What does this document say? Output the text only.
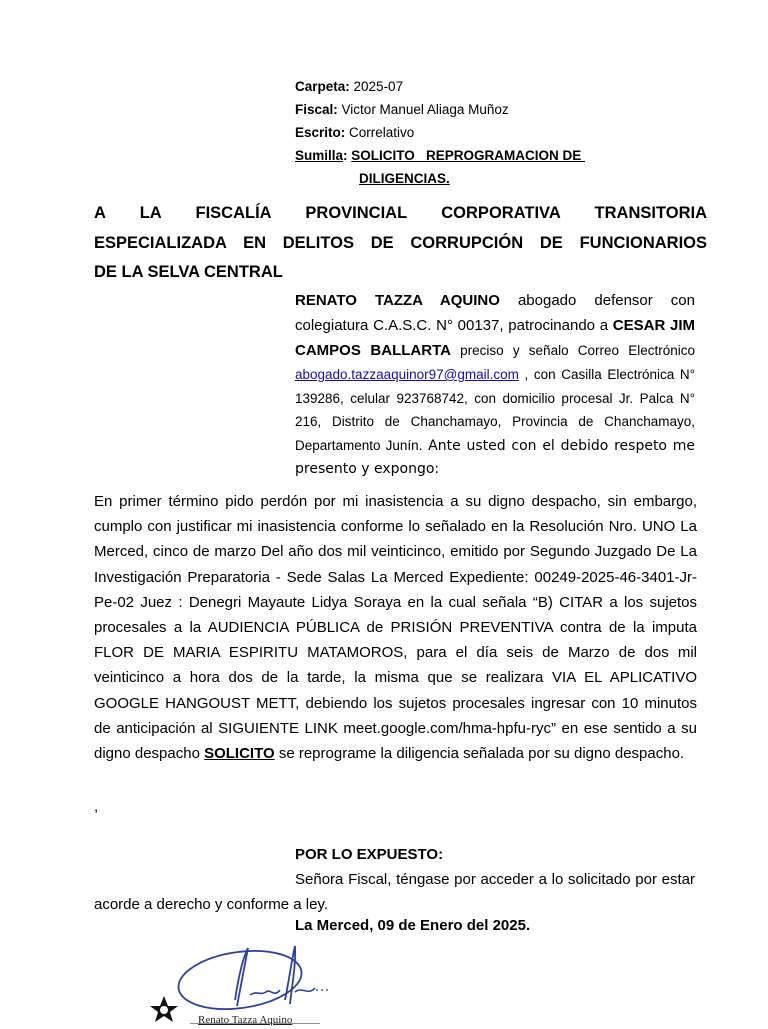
Carpeta: 2025-07
Fiscal: Victor Manuel Aliaga Muñoz
Escrito: Correlativo
Sumilla: SOLICITO   REPROGRAMACION DE
DILIGENCIAS.
A LA FISCALÍA PROVINCIAL CORPORATIVA TRANSITORIA
ESPECIALIZADA EN DELITOS DE CORRUPCIÓN DE FUNCIONARIOS
DE LA SELVA CENTRAL
RENATO TAZZA AQUINO abogado defensor con colegiatura C.A.S.C. N° 00137, patrocinando a CESAR JIM CAMPOS BALLARTA preciso y señalo Correo Electrónico abogado.tazzaaquinor97@gmail.com , con Casilla Electrónica N° 139286, celular 923768742, con domicilio procesal Jr. Palca N° 216, Distrito de Chanchamayo, Provincia de Chanchamayo, Departamento Junín. Ante usted con el debido respeto me presento y expongo:
En primer término pido perdón por mi inasistencia a su digno despacho, sin embargo, cumplo con justificar mi inasistencia conforme lo señalado en la Resolución Nro. UNO La Merced, cinco de marzo Del año dos mil veinticinco, emitido por Segundo Juzgado De La Investigación Preparatoria - Sede Salas La Merced Expediente: 00249-2025-46-3401-Jr-Pe-02 Juez : Denegri Mayaute Lidya Soraya en la cual señala “B) CITAR a los sujetos procesales a la AUDIENCIA PÚBLICA de PRISIÓN PREVENTIVA contra de la imputa FLOR DE MARIA ESPIRITU MATAMOROS, para el día seis de Marzo de dos mil veinticinco a hora dos de la tarde, la misma que se realizara VIA EL APLICATIVO GOOGLE HANGOUST METT, debiendo los sujetos procesales ingresar con 10 minutos de anticipación al SIGUIENTE LINK meet.google.com/hma-hpfu-ryc” en ese sentido a su digno despacho SOLICITO se reprograme la diligencia señalada por su digno despacho.
,

POR LO EXPUESTO:

Señora Fiscal, téngase por acceder a lo solicitado por estar acorde a derecho y conforme a ley.

La Merced, 09 de Enero del 2025.
Renato Tazza Aquino
